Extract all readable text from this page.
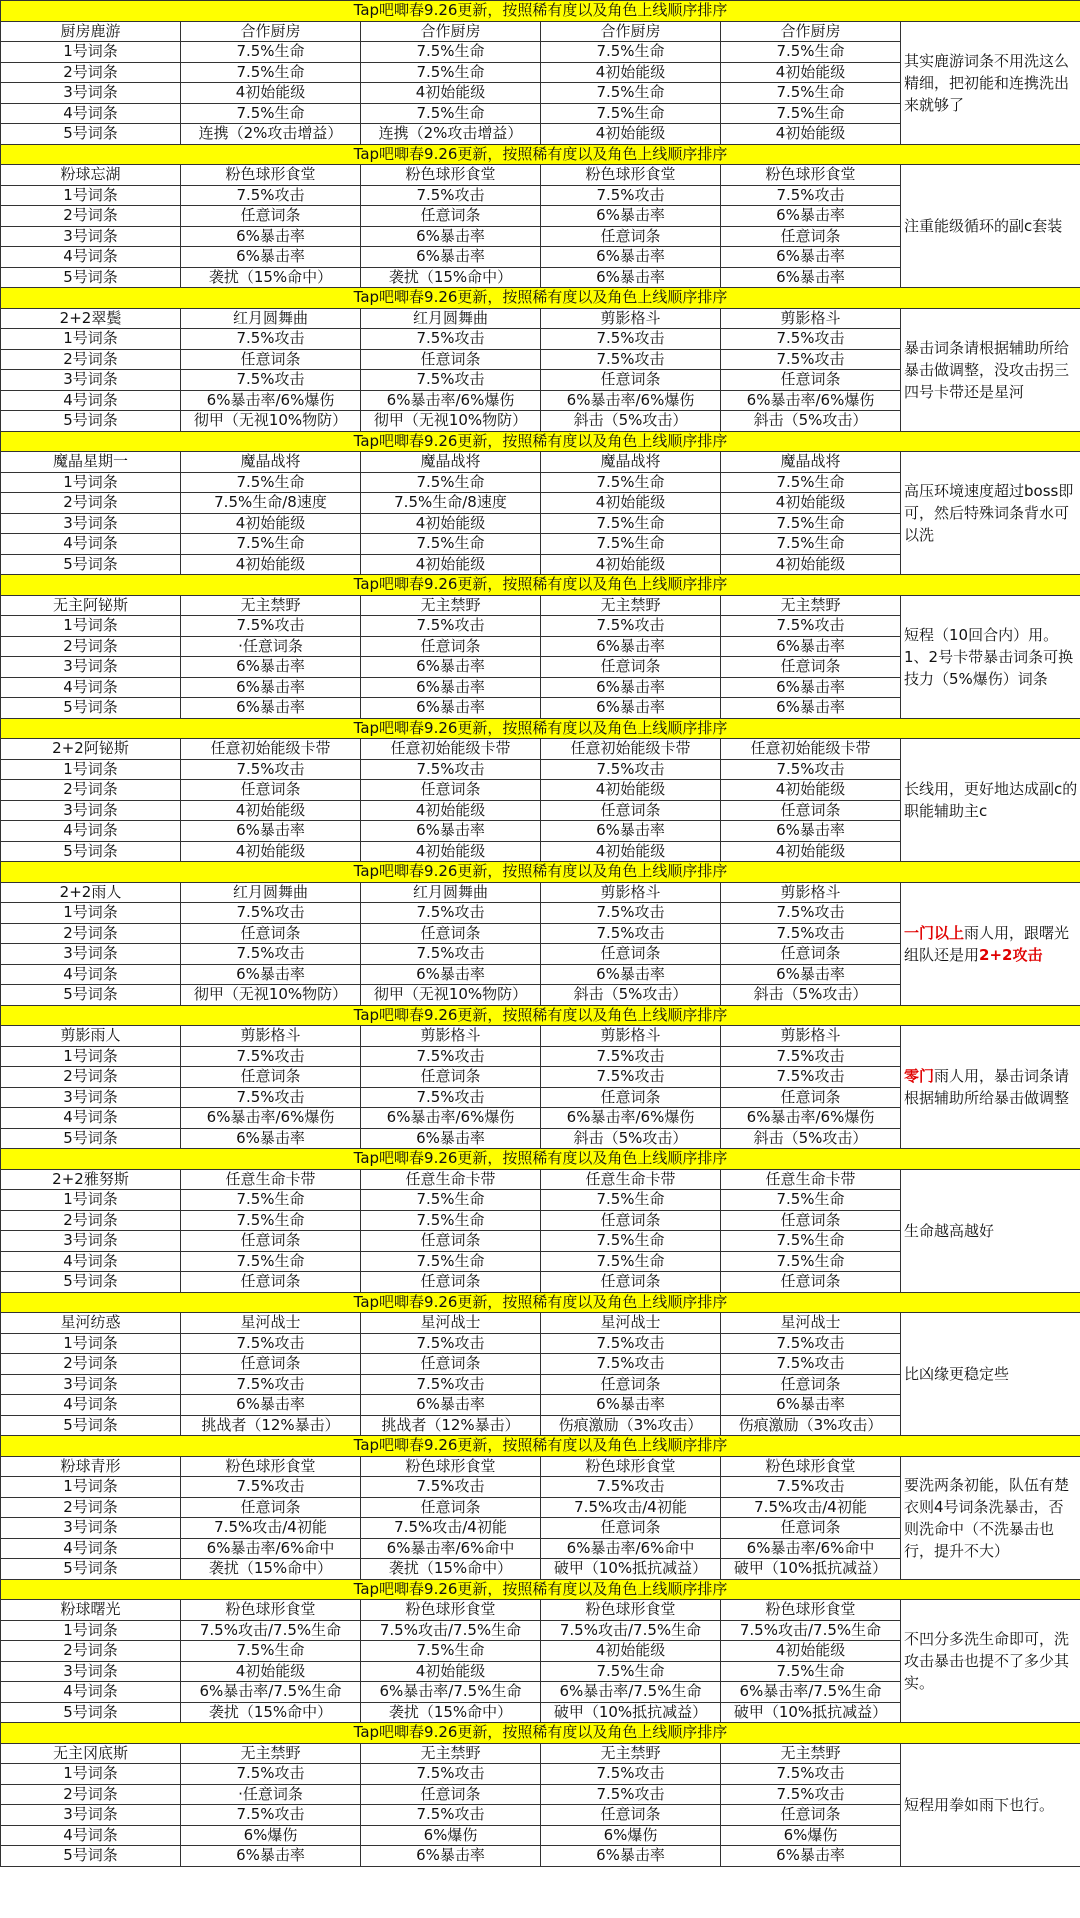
Tap吧唧春9.26更新，按照稀有度以及角色上线顺序排序					
厨房鹿游	合作厨房	合作厨房	合作厨房	合作厨房	其实鹿游词条不用洗这么精细，把初能和连携洗出来就够了
1号词条	7.5%生命	7.5%生命	7.5%生命	7.5%生命	
2号词条	7.5%生命	7.5%生命	4初始能级	4初始能级	
3号词条	4初始能级	4初始能级	7.5%生命	7.5%生命	
4号词条	7.5%生命	7.5%生命	7.5%生命	7.5%生命	
5号词条	连携（2%攻击增益）	连携（2%攻击增益）	4初始能级	4初始能级	
Tap吧唧春9.26更新，按照稀有度以及角色上线顺序排序					
粉球忘湖	粉色球形食堂	粉色球形食堂	粉色球形食堂	粉色球形食堂	注重能级循环的副c套装
1号词条	7.5%攻击	7.5%攻击	7.5%攻击	7.5%攻击	
2号词条	任意词条	任意词条	6%暴击率	6%暴击率	
3号词条	6%暴击率	6%暴击率	任意词条	任意词条	
4号词条	6%暴击率	6%暴击率	6%暴击率	6%暴击率	
5号词条	袭扰（15%命中）	袭扰（15%命中）	6%暴击率	6%暴击率	
Tap吧唧春9.26更新，按照稀有度以及角色上线顺序排序					
2+2翠鬓	红月圆舞曲	红月圆舞曲	剪影格斗	剪影格斗	暴击词条请根据辅助所给暴击做调整，没攻击拐三四号卡带还是星河
1号词条	7.5%攻击	7.5%攻击	7.5%攻击	7.5%攻击	
2号词条	任意词条	任意词条	7.5%攻击	7.5%攻击	
3号词条	7.5%攻击	7.5%攻击	任意词条	任意词条	
4号词条	6%暴击率/6%爆伤	6%暴击率/6%爆伤	6%暴击率/6%爆伤	6%暴击率/6%爆伤	
5号词条	彻甲（无视10%物防）	彻甲（无视10%物防）	斜击（5%攻击）	斜击（5%攻击）	
Tap吧唧春9.26更新，按照稀有度以及角色上线顺序排序					
魔晶星期一	魔晶战将	魔晶战将	魔晶战将	魔晶战将	高压环境速度超过boss即可，然后特殊词条背水可以洗
1号词条	7.5%生命	7.5%生命	7.5%生命	7.5%生命	
2号词条	7.5%生命/8速度	7.5%生命/8速度	4初始能级	4初始能级	
3号词条	4初始能级	4初始能级	7.5%生命	7.5%生命	
4号词条	7.5%生命	7.5%生命	7.5%生命	7.5%生命	
5号词条	4初始能级	4初始能级	4初始能级	4初始能级	
Tap吧唧春9.26更新，按照稀有度以及角色上线顺序排序					
无主阿铋斯	无主禁野	无主禁野	无主禁野	无主禁野	短程（10回合内）用。1、2号卡带暴击词条可换技力（5%爆伤）词条
1号词条	7.5%攻击	7.5%攻击	7.5%攻击	7.5%攻击	
2号词条	·任意词条	任意词条	6%暴击率	6%暴击率	
3号词条	6%暴击率	6%暴击率	任意词条	任意词条	
4号词条	6%暴击率	6%暴击率	6%暴击率	6%暴击率	
5号词条	6%暴击率	6%暴击率	6%暴击率	6%暴击率	
Tap吧唧春9.26更新，按照稀有度以及角色上线顺序排序					
2+2阿铋斯	任意初始能级卡带	任意初始能级卡带	任意初始能级卡带	任意初始能级卡带	长线用，更好地达成副c的职能辅助主c
1号词条	7.5%攻击	7.5%攻击	7.5%攻击	7.5%攻击	
2号词条	任意词条	任意词条	4初始能级	4初始能级	
3号词条	4初始能级	4初始能级	任意词条	任意词条	
4号词条	6%暴击率	6%暴击率	6%暴击率	6%暴击率	
5号词条	4初始能级	4初始能级	4初始能级	4初始能级	
Tap吧唧春9.26更新，按照稀有度以及角色上线顺序排序					
2+2雨人	红月圆舞曲	红月圆舞曲	剪影格斗	剪影格斗	一门以上雨人用，跟曙光组队还是用2+2攻击
1号词条	7.5%攻击	7.5%攻击	7.5%攻击	7.5%攻击	
2号词条	任意词条	任意词条	7.5%攻击	7.5%攻击	
3号词条	7.5%攻击	7.5%攻击	任意词条	任意词条	
4号词条	6%暴击率	6%暴击率	6%暴击率	6%暴击率	
5号词条	彻甲（无视10%物防）	彻甲（无视10%物防）	斜击（5%攻击）	斜击（5%攻击）	
Tap吧唧春9.26更新，按照稀有度以及角色上线顺序排序					
剪影雨人	剪影格斗	剪影格斗	剪影格斗	剪影格斗	零门雨人用，暴击词条请根据辅助所给暴击做调整
1号词条	7.5%攻击	7.5%攻击	7.5%攻击	7.5%攻击	
2号词条	任意词条	任意词条	7.5%攻击	7.5%攻击	
3号词条	7.5%攻击	7.5%攻击	任意词条	任意词条	
4号词条	6%暴击率/6%爆伤	6%暴击率/6%爆伤	6%暴击率/6%爆伤	6%暴击率/6%爆伤	
5号词条	6%暴击率	6%暴击率	斜击（5%攻击）	斜击（5%攻击）	
Tap吧唧春9.26更新，按照稀有度以及角色上线顺序排序					
2+2雅努斯	任意生命卡带	任意生命卡带	任意生命卡带	任意生命卡带	生命越高越好
1号词条	7.5%生命	7.5%生命	7.5%生命	7.5%生命	
2号词条	7.5%生命	7.5%生命	任意词条	任意词条	
3号词条	任意词条	任意词条	7.5%生命	7.5%生命	
4号词条	7.5%生命	7.5%生命	7.5%生命	7.5%生命	
5号词条	任意词条	任意词条	任意词条	任意词条	
Tap吧唧春9.26更新，按照稀有度以及角色上线顺序排序					
星河纺惑	星河战士	星河战士	星河战士	星河战士	比凶缘更稳定些
1号词条	7.5%攻击	7.5%攻击	7.5%攻击	7.5%攻击	
2号词条	任意词条	任意词条	7.5%攻击	7.5%攻击	
3号词条	7.5%攻击	7.5%攻击	任意词条	任意词条	
4号词条	6%暴击率	6%暴击率	6%暴击率	6%暴击率	
5号词条	挑战者（12%暴击）	挑战者（12%暴击）	伤痕激励（3%攻击）	伤痕激励（3%攻击）	
Tap吧唧春9.26更新，按照稀有度以及角色上线顺序排序					
粉球青形	粉色球形食堂	粉色球形食堂	粉色球形食堂	粉色球形食堂	要洗两条初能，队伍有楚衣则4号词条洗暴击，否则洗命中（不洗暴击也行，提升不大）
1号词条	7.5%攻击	7.5%攻击	7.5%攻击	7.5%攻击	
2号词条	任意词条	任意词条	7.5%攻击/4初能	7.5%攻击/4初能	
3号词条	7.5%攻击/4初能	7.5%攻击/4初能	任意词条	任意词条	
4号词条	6%暴击率/6%命中	6%暴击率/6%命中	6%暴击率/6%命中	6%暴击率/6%命中	
5号词条	袭扰（15%命中）	袭扰（15%命中）	破甲（10%抵抗减益）	破甲（10%抵抗减益）	
Tap吧唧春9.26更新，按照稀有度以及角色上线顺序排序					
粉球曙光	粉色球形食堂	粉色球形食堂	粉色球形食堂	粉色球形食堂	不凹分多洗生命即可，洗攻击暴击也提不了多少其实。
1号词条	7.5%攻击/7.5%生命	7.5%攻击/7.5%生命	7.5%攻击/7.5%生命	7.5%攻击/7.5%生命	
2号词条	7.5%生命	7.5%生命	4初始能级	4初始能级	
3号词条	4初始能级	4初始能级	7.5%生命	7.5%生命	
4号词条	6%暴击率/7.5%生命	6%暴击率/7.5%生命	6%暴击率/7.5%生命	6%暴击率/7.5%生命	
5号词条	袭扰（15%命中）	袭扰（15%命中）	破甲（10%抵抗减益）	破甲（10%抵抗减益）	
Tap吧唧春9.26更新，按照稀有度以及角色上线顺序排序					
无主冈底斯	无主禁野	无主禁野	无主禁野	无主禁野	短程用拳如雨下也行。
1号词条	7.5%攻击	7.5%攻击	7.5%攻击	7.5%攻击	
2号词条	·任意词条	任意词条	7.5%攻击	7.5%攻击	
3号词条	7.5%攻击	7.5%攻击	任意词条	任意词条	
4号词条	6%爆伤	6%爆伤	6%爆伤	6%爆伤	
5号词条	6%暴击率	6%暴击率	6%暴击率	6%暴击率	
